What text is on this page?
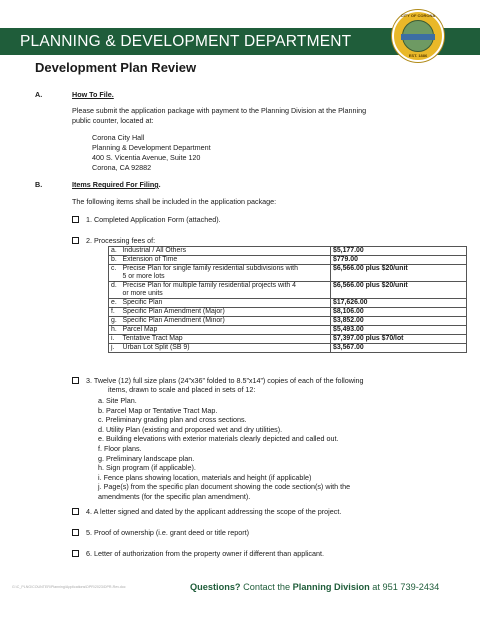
PLANNING & DEVELOPMENT DEPARTMENT
CITY OF CORONA
EST. 1886
Development Plan Review
A.	How To File.
Please submit the application package with payment to the Planning Division at the Planning
public counter, located at:
Corona City Hall
Planning & Development Department
400 S. Vicentia Avenue, Suite 120
Corona, CA 92882
B.	Items Required For Filing.
The following items shall be included in the application package:
1. Completed Application Form (attached).
2. Processing fees of:
a.	Industrial / All Others	$5,177.00
b.	Extension of Time	$779.00
c.	Precise Plan for single family residential subdivisions with
5 or more lots	$6,566.00 plus $20/unit
d.	Precise Plan for multiple family residential projects with 4
or more units	$6,566.00 plus $20/unit
e.	Specific Plan	$17,626.00
f.	Specific Plan Amendment (Major)	$8,106.00
g.	Specific Plan Amendment (Minor)	$3,852.00
h.	Parcel Map	$5,493.00
i.	Tentative Tract Map	$7,397.00 plus $70/lot
j.	Urban Lot Split (SB 9)	$3,567.00
3. Twelve (12) full size plans (24”x36” folded to 8.5”x14”) copies of each of the following
items, drawn to scale and placed in sets of 12:
a. Site Plan.
b. Parcel Map or Tentative Tract Map.
c. Preliminary grading plan and cross sections.
d. Utility Plan (existing and proposed wet and dry utilities).
e. Building elevations with exterior materials clearly depicted and called out.
f. Floor plans.
g. Preliminary landscape plan.
h. Sign program (if applicable).
i. Fence plans showing location, materials and height (if applicable)
j. Page(s) from the specific plan document showing the code section(s) with the
amendments (for the specific plan amendment).
4. A letter signed and dated by the applicant addressing the scope of the project.
5. Proof of ownership (i.e. grant deed or title report)
6. Letter of authorization from the property owner if different than applicant.
G:\C_PLNG\COUNTER\Planning\Applications\DPR\2023\DPR-Rev.doc	Questions? Contact the Planning Division at 951 739-2434
